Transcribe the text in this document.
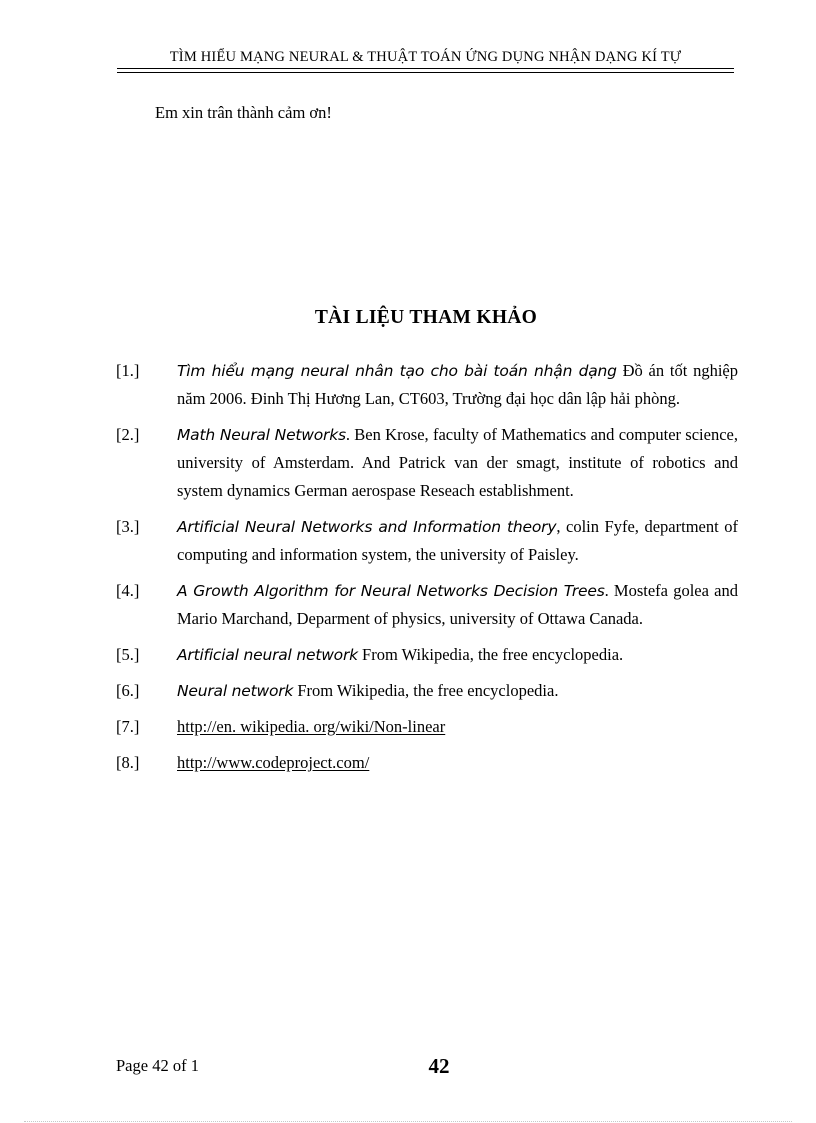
TÌM HIỂU MẠNG NEURAL & THUẬT TOÁN ỨNG DỤNG NHẬN DẠNG KÍ TỰ
Em xin trân thành cảm ơn!
TÀI LIỆU THAM KHẢO
[1.]	Tìm hiểu mạng neural nhân tạo cho bài toán nhận dạng Đồ án tốt nghiệp năm 2006. Đinh Thị Hương Lan, CT603, Trường đại học dân lập hải phòng.
[2.]	Math Neural Networks. Ben Krose, faculty of Mathematics and computer science, university of Amsterdam. And Patrick van der smagt, institute of robotics and system dynamics German aerospase Reseach establishment.
[3.]	Artificial Neural Networks and Information theory, colin Fyfe, department of computing and information system, the university of Paisley.
[4.]	A Growth Algorithm for Neural Networks Decision Trees. Mostefa golea and Mario Marchand, Deparment of physics, university of Ottawa Canada.
[5.]	Artificial neural network From Wikipedia, the free encyclopedia.
[6.]	Neural network From Wikipedia, the free encyclopedia.
[7.]	http://en. wikipedia. org/wiki/Non-linear
[8.]	http://www.codeproject.com/
Page 42 of 1	42
